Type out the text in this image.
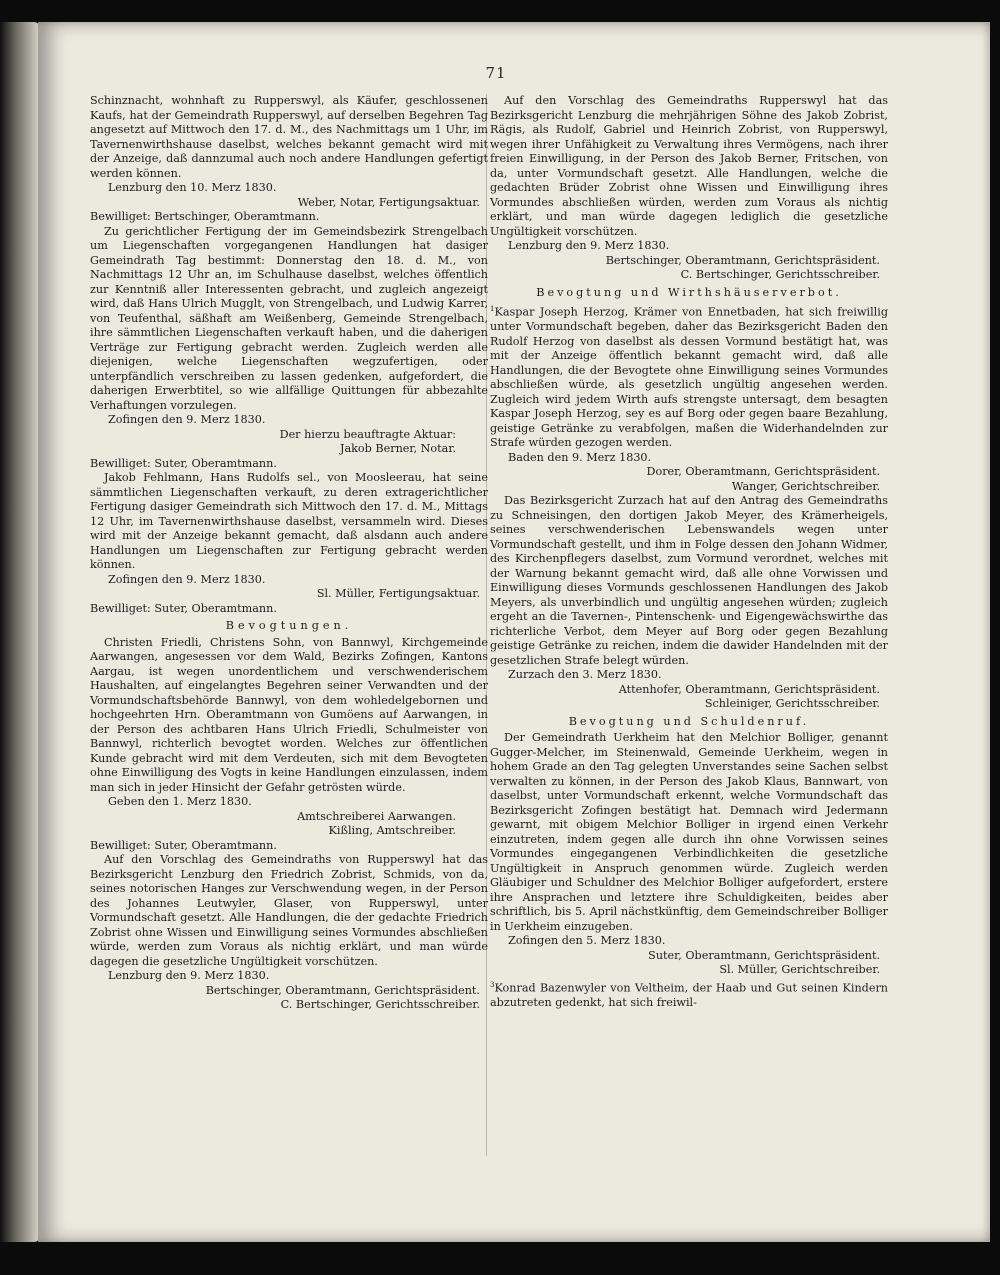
71

Schinznacht, wohnhaft zu Rupperswyl, als Käufer, geschlossenen Kaufs, hat der Gemeindrath Rupperswyl, auf derselben Begehren Tag angesetzt auf Mittwoch den 17. d. M., des Nachmittags um 1 Uhr, im Tavernenwirthshause daselbst, welches bekannt gemacht wird mit der Anzeige, daß dannzumal auch noch andere Handlungen gefertigt werden können.

Lenzburg den 10. Merz 1830.

Weber, Notar, Fertigungsaktuar.

Bewilliget: Bertschinger, Oberamtmann.

Zu gerichtlicher Fertigung der im Gemeindsbezirk Strengelbach um Liegenschaften vorgegangenen Handlungen hat dasiger Gemeindrath Tag bestimmt: Donnerstag den 18. d. M., von Nachmittags 12 Uhr an, im Schulhause daselbst, welches öffentlich zur Kenntniß aller Interessenten gebracht, und zugleich angezeigt wird, daß Hans Ulrich Mugglt, von Strengelbach, und Ludwig Karrer, von Teufenthal, säßhaft am Weißenberg, Gemeinde Strengelbach, ihre sämmtlichen Liegenschaften verkauft haben, und die daherigen Verträge zur Fertigung gebracht werden. Zugleich werden alle diejenigen, welche Liegenschaften wegzufertigen, oder unterpfändlich verschreiben zu lassen gedenken, aufgefordert, die daherigen Erwerbtitel, so wie allfällige Quittungen für abbezahlte Verhaftungen vorzulegen.

Zofingen den 9. Merz 1830.

Der hierzu beauftragte Aktuar:

Jakob Berner, Notar.

Bewilliget: Suter, Oberamtmann.

Jakob Fehlmann, Hans Rudolfs sel., von Moosleerau, hat seine sämmtlichen Liegenschaften verkauft, zu deren extragerichtlicher Fertigung dasiger Gemeindrath sich Mittwoch den 17. d. M., Mittags 12 Uhr, im Tavernenwirthshause daselbst, versammeln wird. Dieses wird mit der Anzeige bekannt gemacht, daß alsdann auch andere Handlungen um Liegenschaften zur Fertigung gebracht werden können.

Zofingen den 9. Merz 1830.

Sl. Müller, Fertigungsaktuar.

Bewilliget: Suter, Oberamtmann.

Bevogtungen.

Christen Friedli, Christens Sohn, von Bannwyl, Kirchgemeinde Aarwangen, angesessen vor dem Wald, Bezirks Zofingen, Kantons Aargau, ist wegen unordentlichem und verschwenderischem Haushalten, auf eingelangtes Begehren seiner Verwandten und der Vormundschaftsbehörde Bannwyl, von dem wohledelgebornen und hochgeehrten Hrn. Oberamtmann von Gumöens auf Aarwangen, in der Person des achtbaren Hans Ulrich Friedli, Schulmeister von Bannwyl, richterlich bevogtet worden. Welches zur öffentlichen Kunde gebracht wird mit dem Verdeuten, sich mit dem Bevogteten ohne Einwilligung des Vogts in keine Handlungen einzulassen, indem man sich in jeder Hinsicht der Gefahr getrösten würde.

Geben den 1. Merz 1830.

Amtschreiberei Aarwangen.

Kißling, Amtschreiber.

Bewilliget: Suter, Oberamtmann.

Auf den Vorschlag des Gemeindraths von Rupperswyl hat das Bezirksgericht Lenzburg den Friedrich Zobrist, Schmids, von da, seines notorischen Hanges zur Verschwendung wegen, in der Person des Johannes Leutwyler, Glaser, von Rupperswyl, unter Vormundschaft gesetzt. Alle Handlungen, die der gedachte Friedrich Zobrist ohne Wissen und Einwilligung seines Vormundes abschließen würde, werden zum Voraus als nichtig erklärt, und man würde dagegen die gesetzliche Ungültigkeit vorschützen.

Lenzburg den 9. Merz 1830.

Bertschinger, Oberamtmann, Gerichtspräsident.

C. Bertschinger, Gerichtsschreiber.

Auf den Vorschlag des Gemeindraths Rupperswyl hat das Bezirksgericht Lenzburg die mehrjährigen Söhne des Jakob Zobrist, Rägis, als Rudolf, Gabriel und Heinrich Zobrist, von Rupperswyl, wegen ihrer Unfähigkeit zu Verwaltung ihres Vermögens, nach ihrer freien Einwilligung, in der Person des Jakob Berner, Fritschen, von da, unter Vormundschaft gesetzt. Alle Handlungen, welche die gedachten Brüder Zobrist ohne Wissen und Einwilligung ihres Vormundes abschließen würden, werden zum Voraus als nichtig erklärt, und man würde dagegen lediglich die gesetzliche Ungültigkeit vorschützen.

Lenzburg den 9. Merz 1830.

Bertschinger, Oberamtmann, Gerichtspräsident.

C. Bertschinger, Gerichtsschreiber.

Bevogtung und Wirthshäuserverbot.

$^1$Kaspar Joseph Herzog, Krämer von Ennetbaden, hat sich freiwillig unter Vormundschaft begeben, daher das Bezirksgericht Baden den Rudolf Herzog von daselbst als dessen Vormund bestätigt hat, was mit der Anzeige öffentlich bekannt gemacht wird, daß alle Handlungen, die der Bevogtete ohne Einwilligung seines Vormundes abschließen würde, als gesetzlich ungültig angesehen werden. Zugleich wird jedem Wirth aufs strengste untersagt, dem besagten Kaspar Joseph Herzog, sey es auf Borg oder gegen baare Bezahlung, geistige Getränke zu verabfolgen, maßen die Widerhandelnden zur Strafe würden gezogen werden.

Baden den 9. Merz 1830.

Dorer, Oberamtmann, Gerichtspräsident.

Wanger, Gerichtschreiber.

Das Bezirksgericht Zurzach hat auf den Antrag des Gemeindraths zu Schneisingen, den dortigen Jakob Meyer, des Krämerheigels, seines verschwenderischen Lebenswandels wegen unter Vormundschaft gestellt, und ihm in Folge dessen den Johann Widmer, des Kirchenpflegers daselbst, zum Vormund verordnet, welches mit der Warnung bekannt gemacht wird, daß alle ohne Vorwissen und Einwilligung dieses Vormunds geschlossenen Handlungen des Jakob Meyers, als unverbindlich und ungültig angesehen würden; zugleich ergeht an die Tavernen-, Pintenschenk- und Eigengewächswirthe das richterliche Verbot, dem Meyer auf Borg oder gegen Bezahlung geistige Getränke zu reichen, indem die dawider Handelnden mit der gesetzlichen Strafe belegt würden.

Zurzach den 3. Merz 1830.

Attenhofer, Oberamtmann, Gerichtspräsident.

Schleiniger, Gerichtsschreiber.

Bevogtung und Schuldenruf.

Der Gemeindrath Uerkheim hat den Melchior Bolliger, genannt Gugger-Melcher, im Steinenwald, Gemeinde Uerkheim, wegen in hohem Grade an den Tag gelegten Unverstandes seine Sachen selbst verwalten zu können, in der Person des Jakob Klaus, Bannwart, von daselbst, unter Vormundschaft erkennt, welche Vormundschaft das Bezirksgericht Zofingen bestätigt hat. Demnach wird Jedermann gewarnt, mit obigem Melchior Bolliger in irgend einen Verkehr einzutreten, indem gegen alle durch ihn ohne Vorwissen seines Vormundes eingegangenen Verbindlichkeiten die gesetzliche Ungültigkeit in Anspruch genommen würde. Zugleich werden Gläubiger und Schuldner des Melchior Bolliger aufgefordert, erstere ihre Ansprachen und letztere ihre Schuldigkeiten, beides aber schriftlich, bis 5. April nächstkünftig, dem Gemeindschreiber Bolliger in Uerkheim einzugeben.

Zofingen den 5. Merz 1830.

Suter, Oberamtmann, Gerichtspräsident.

Sl. Müller, Gerichtschreiber.

$^3$Konrad Bazenwyler von Veltheim, der Haab und Gut seinen Kindern abzutreten gedenkt, hat sich freiwil-
